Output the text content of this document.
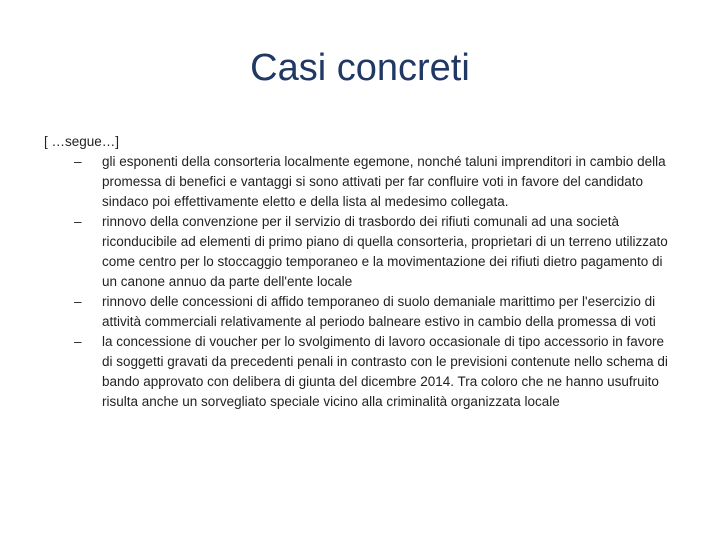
Casi concreti
[ …segue…]
–	gli esponenti della consorteria localmente egemone, nonché taluni imprenditori in cambio della promessa di benefici e vantaggi si sono attivati per far confluire voti in favore del candidato sindaco poi effettivamente eletto e della lista al medesimo collegata.
–	rinnovo della convenzione per il servizio di trasbordo dei rifiuti comunali ad una società riconducibile ad elementi di primo piano di quella consorteria, proprietari di un terreno utilizzato come centro per lo stoccaggio temporaneo e la movimentazione dei rifiuti dietro pagamento di un canone annuo da parte dell'ente locale
–	rinnovo delle concessioni di affido temporaneo di suolo demaniale marittimo per l'esercizio di attività commerciali relativamente al periodo balneare estivo in cambio della promessa di voti
–	la concessione di voucher per lo svolgimento di lavoro occasionale di tipo accessorio in favore di soggetti gravati da precedenti penali in contrasto con le previsioni contenute nello schema di bando approvato con delibera di giunta del dicembre 2014. Tra coloro che ne hanno usufruito risulta anche un sorvegliato speciale vicino alla criminalità organizzata locale
